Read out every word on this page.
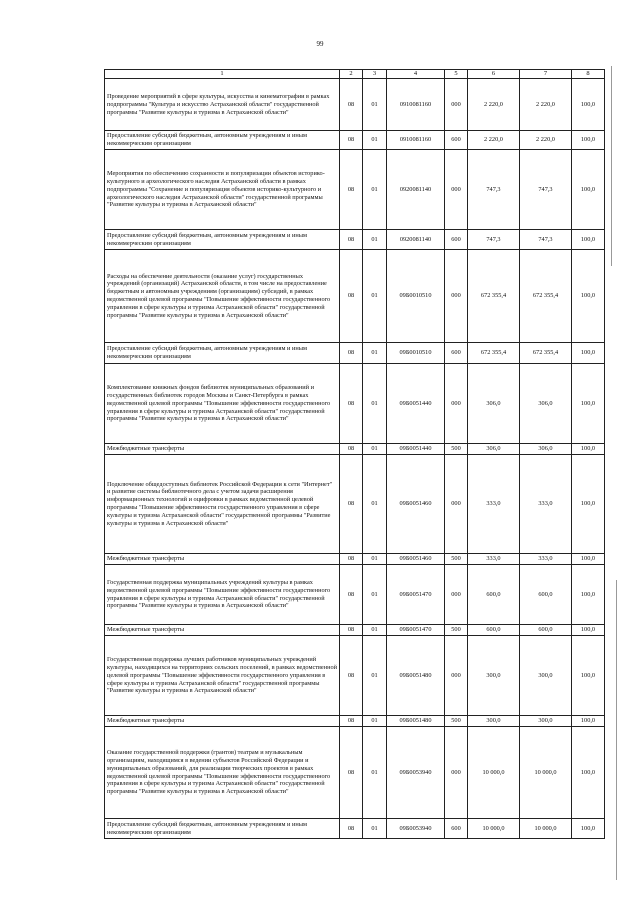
99
1	2	3	4	5	6	7	8
Проведение мероприятий в сфере культуры, искусства и кинематографии в рамках подпрограммы "Культура и искусство Астраханской области" государственной программы "Развитие культуры и туризма в Астраханской области"	08	01	0910081160	000	2 220,0	2 220,0	100,0
Предоставление субсидий бюджетным, автономным учреждениям и иным некоммерческим организациям	08	01	0910081160	600	2 220,0	2 220,0	100,0
Мероприятия по обеспечению сохранности и популяризации объектов историко-культурного и археологического наследия Астраханской области в рамках подпрограммы "Сохранение и популяризация объектов историко-культурного и археологического наследия Астраханской области" государственной программы "Развитие культуры и туризма в Астраханской области"	08	01	0920081140	000	747,3	747,3	100,0
Предоставление субсидий бюджетным, автономным учреждениям и иным некоммерческим организациям	08	01	0920081140	600	747,3	747,3	100,0
Расходы на обеспечение деятельности (оказание услуг) государственных учреждений (организаций) Астраханской области, в том числе на предоставление бюджетным и автономным учреждениям (организациям) субсидий, в рамках ведомственной целевой программы "Повышение эффективности государственного управления в сфере культуры и туризма Астраханской области" государственной программы "Развитие культуры и туризма в Астраханской области"	08	01	09Б0010510	000	672 355,4	672 355,4	100,0
Предоставление субсидий бюджетным, автономным учреждениям и иным некоммерческим организациям	08	01	09Б0010510	600	672 355,4	672 355,4	100,0
Комплектование книжных фондов библиотек муниципальных образований и государственных библиотек городов Москвы и Санкт-Петербурга в рамках ведомственной целевой программы "Повышение эффективности государственного управления в сфере культуры и туризма Астраханской области" государственной программы "Развитие культуры и туризма в Астраханской области"	08	01	09Б0051440	000	306,0	306,0	100,0
Межбюджетные трансферты	08	01	09Б0051440	500	306,0	306,0	100,0
Подключение общедоступных библиотек Российской Федерации к сети "Интернет" и развитие системы библиотечного дела с учетом задачи расширения информационных технологий и оцифровки в рамках ведомственной целевой программы "Повышение эффективности государственного управления в сфере культуры и туризма Астраханской области" государственной программы "Развитие культуры и туризма в Астраханской области"	08	01	09Б0051460	000	333,0	333,0	100,0
Межбюджетные трансферты	08	01	09Б0051460	500	333,0	333,0	100,0
Государственная поддержка муниципальных учреждений культуры в рамках ведомственной целевой программы "Повышение эффективности государственного управления в сфере культуры и туризма Астраханской области" государственной программы "Развитие культуры и туризма в Астраханской области"	08	01	09Б0051470	000	600,0	600,0	100,0
Межбюджетные трансферты	08	01	09Б0051470	500	600,0	600,0	100,0
Государственная поддержка лучших работников муниципальных учреждений культуры, находящихся на территориях сельских поселений, в рамках ведомственной целевой программы "Повышение эффективности государственного управления в сфере культуры и туризма Астраханской области" государственной программы "Развитие культуры и туризма в Астраханской области"	08	01	09Б0051480	000	300,0	300,0	100,0
Межбюджетные трансферты	08	01	09Б0051480	500	300,0	300,0	100,0
Оказание государственной поддержки (грантов) театрам и музыкальным организациям, находящимся в ведении субъектов Российской Федерации и муниципальных образований, для реализации творческих проектов в рамках ведомственной целевой программы "Повышение эффективности государственного управления в сфере культуры и туризма Астраханской области" государственной программы "Развитие культуры и туризма в Астраханской области"	08	01	09Б0053940	000	10 000,0	10 000,0	100,0
Предоставление субсидий бюджетным, автономным учреждениям и иным некоммерческим организациям	08	01	09Б0053940	600	10 000,0	10 000,0	100,0
